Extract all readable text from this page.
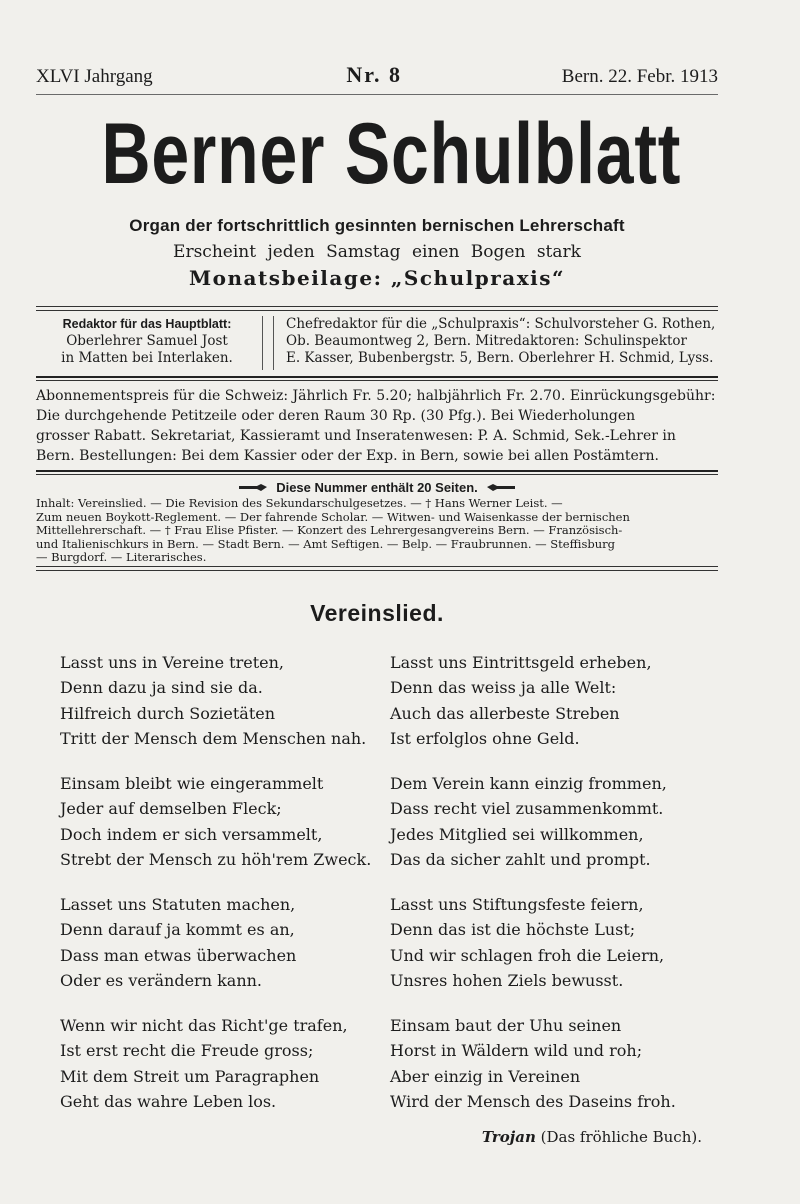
XLVI Jahrgang	Nr. 8	Bern. 22. Febr. 1913
Berner Schulblatt
Organ der fortschrittlich gesinnten bernischen Lehrerschaft
Erscheint jeden Samstag einen Bogen stark
Monatsbeilage: „Schulpraxis“
Redaktor für das Hauptblatt:
Oberlehrer Samuel Jost
in Matten bei Interlaken.
Chefredaktor für die „Schulpraxis“: Schulvorsteher G. Rothen,
Ob. Beaumontweg 2, Bern. Mitredaktoren: Schulinspektor
E. Kasser, Bubenbergstr. 5, Bern. Oberlehrer H. Schmid, Lyss.
Abonnementspreis für die Schweiz: Jährlich Fr. 5.20; halbjährlich Fr. 2.70. Einrückungsgebühr:
Die durchgehende Petitzeile oder deren Raum 30 Rp. (30 Pfg.). Bei Wiederholungen
grosser Rabatt. Sekretariat, Kassieramt und Inseratenwesen: P. A. Schmid, Sek.-Lehrer in
Bern. Bestellungen: Bei dem Kassier oder der Exp. in Bern, sowie bei allen Postämtern.
Diese Nummer enthält 20 Seiten.
Inhalt: Vereinslied. — Die Revision des Sekundarschulgesetzes. — † Hans Werner Leist. —
Zum neuen Boykott-Reglement. — Der fahrende Scholar. — Witwen- und Waisenkasse der bernischen
Mittellehrerschaft. — † Frau Elise Pfister. — Konzert des Lehrergesangvereins Bern. — Französisch-
und Italienischkurs in Bern. — Stadt Bern. — Amt Seftigen. — Belp. — Fraubrunnen. — Steffisburg
— Burgdorf. — Literarisches.
Vereinslied.
Lasst uns in Vereine treten,
Denn dazu ja sind sie da.
Hilfreich durch Sozietäten
Tritt der Mensch dem Menschen nah.
Einsam bleibt wie eingerammelt
Jeder auf demselben Fleck;
Doch indem er sich versammelt,
Strebt der Mensch zu höh'rem Zweck.
Lasset uns Statuten machen,
Denn darauf ja kommt es an,
Dass man etwas überwachen
Oder es verändern kann.
Wenn wir nicht das Richt'ge trafen,
Ist erst recht die Freude gross;
Mit dem Streit um Paragraphen
Geht das wahre Leben los.
Lasst uns Eintrittsgeld erheben,
Denn das weiss ja alle Welt:
Auch das allerbeste Streben
Ist erfolglos ohne Geld.
Dem Verein kann einzig frommen,
Dass recht viel zusammenkommt.
Jedes Mitglied sei willkommen,
Das da sicher zahlt und prompt.
Lasst uns Stiftungsfeste feiern,
Denn das ist die höchste Lust;
Und wir schlagen froh die Leiern,
Unsres hohen Ziels bewusst.
Einsam baut der Uhu seinen
Horst in Wäldern wild und roh;
Aber einzig in Vereinen
Wird der Mensch des Daseins froh.
Trojan (Das fröhliche Buch).
